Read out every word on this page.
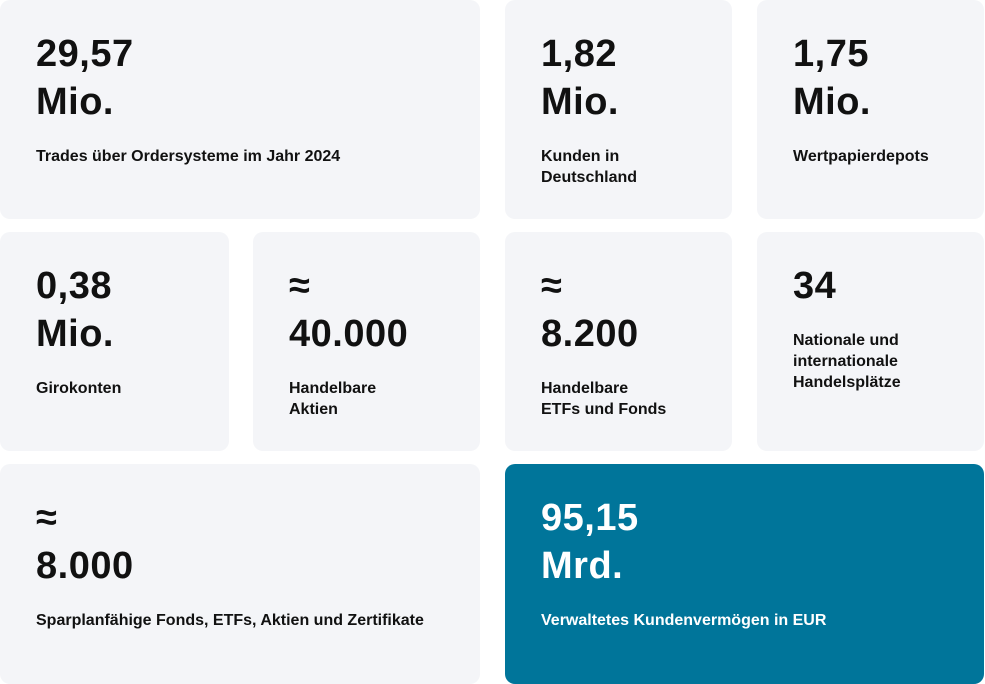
29,57
Mio.
Trades über Ordersysteme im Jahr 2024
1,82
Mio.
Kunden in
Deutschland
1,75
Mio.
Wertpapierdepots
0,38
Mio.
Girokonten
≈
40.000
Handelbare
Aktien
≈
8.200
Handelbare
ETFs und Fonds
34
Nationale und
internationale
Handelsplätze
≈
8.000
Sparplanfähige Fonds, ETFs, Aktien und Zertifikate
95,15
Mrd.
Verwaltetes Kundenvermögen in EUR
